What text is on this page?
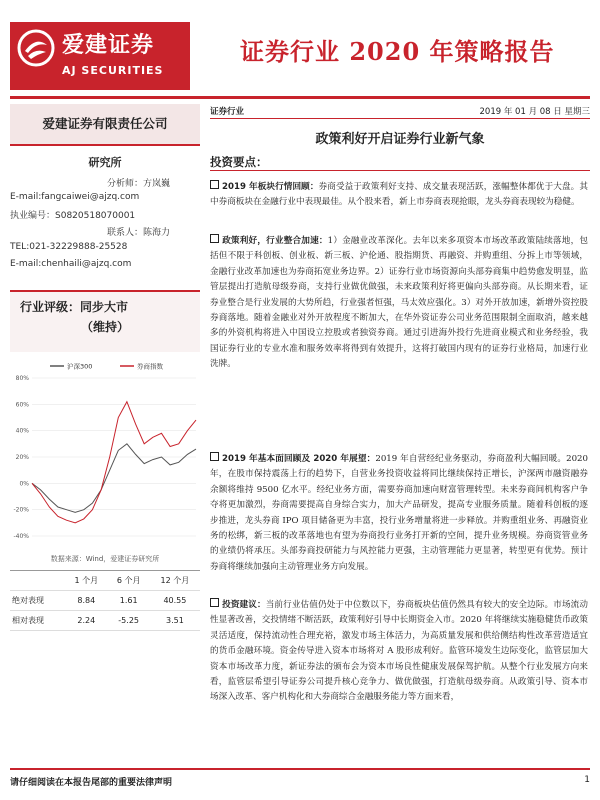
爱建证券
AJ SECURITIES
证券行业 2020 年策略报告
爱建证券有限责任公司
研究所
分析师：方岚巍
E-mail:fangcaiwei@ajzq.com
执业编号：S0820518070001
联系人：陈海力
TEL:021-32229888-25528
E-mail:chenhaili@ajzq.com
行业评级：同步大市
（维持）
-40%
-20%
0%
20%
40%
60%
80%
沪深300	券商指数
数据来源：Wind，爱建证券研究所
	1 个月	6 个月	12 个月
绝对表现	8.84	1.61	40.55
相对表现	2.24	-5.25	3.51
证券行业	2019 年 01 月 08 日 星期三
政策利好开启证券行业新气象
投资要点：
2019 年板块行情回顾：券商受益于政策利好支持、成交量表现活跃，涨幅整体都优于大盘。其中券商板块在金融行业中表现最佳。从个股来看，新上市券商表现抢眼，龙头券商表现较为稳健。
政策利好，行业整合加速：1）金融业改革深化。去年以来多项资本市场改革政策陆续落地，包括但不限于科创板、创业板、新三板、沪伦通、股指期货、再融资、并购重组、分拆上市等领域，金融行业改革加速也为券商拓宽业务边界。2）证券行业市场资源向头部券商集中趋势愈发明显，监管层提出打造航母级券商，支持行业做优做强，未来政策利好将更偏向头部券商。从长期来看，证券业整合是行业发展的大势所趋，行业强者恒强，马太效应强化。3）对外开放加速，新增外资控股券商落地。随着金融业对外开放程度不断加大，在华外资证券公司业务范围限制全面取消，越来越多的外资机构将进入中国设立控股或者独资券商。通过引进海外投行先进商业模式和业务经验，我国证券行业的专业水准和服务效率将得到有效提升，这将打破国内现有的证券行业格局，加速行业洗牌。
2019 年基本面回顾及 2020 年展望：2019 年自营经纪业务驱动，券商盈利大幅回暖。2020 年，在股市保持震荡上行的趋势下，自营业务投资收益将同比继续保持正增长，沪深两市融资融券余额将维持 9500 亿水平。经纪业务方面，需要券商加速向财富管理转型。未来券商间机构客户争夺将更加激烈，券商需要提高自身综合实力，加大产品研发，提高专业服务质量。随着科创板的逐步推进，龙头券商 IPO 项目储备更为丰富，投行业务增量将进一步释放。并购重组业务、再融资业务的松绑，新三板的改革落地也有望为券商投行业务打开新的空间，提升业务规模。券商资管业务的业绩仍将承压。头部券商投研能力与风控能力更强，主动管理能力更显著，转型更有优势。预计券商将继续加强向主动管理业务方向发展。
投资建议：当前行业估值仍处于中位数以下，券商板块估值仍然具有较大的安全边际。市场流动性显著改善，交投情绪不断活跃，政策利好引导中长期资金入市。2020 年将继续实施稳健货币政策灵活适度，保持流动性合理充裕，激发市场主体活力，为高质量发展和供给侧结构性改革营造适宜的货币金融环境。资金传导进入资本市场将对 A 股形成利好。监管环境发生边际变化，监管层加大资本市场改革力度，新证券法的颁布会为资本市场良性健康发展保驾护航。从整个行业发展方向来看，监管层希望引导证券公司提升核心竞争力、做优做强，打造航母级券商。从政策引导、资本市场深入改革、客户机构化和大券商综合金融服务能力等方面来看，
请仔细阅读在本报告尾部的重要法律声明	1
